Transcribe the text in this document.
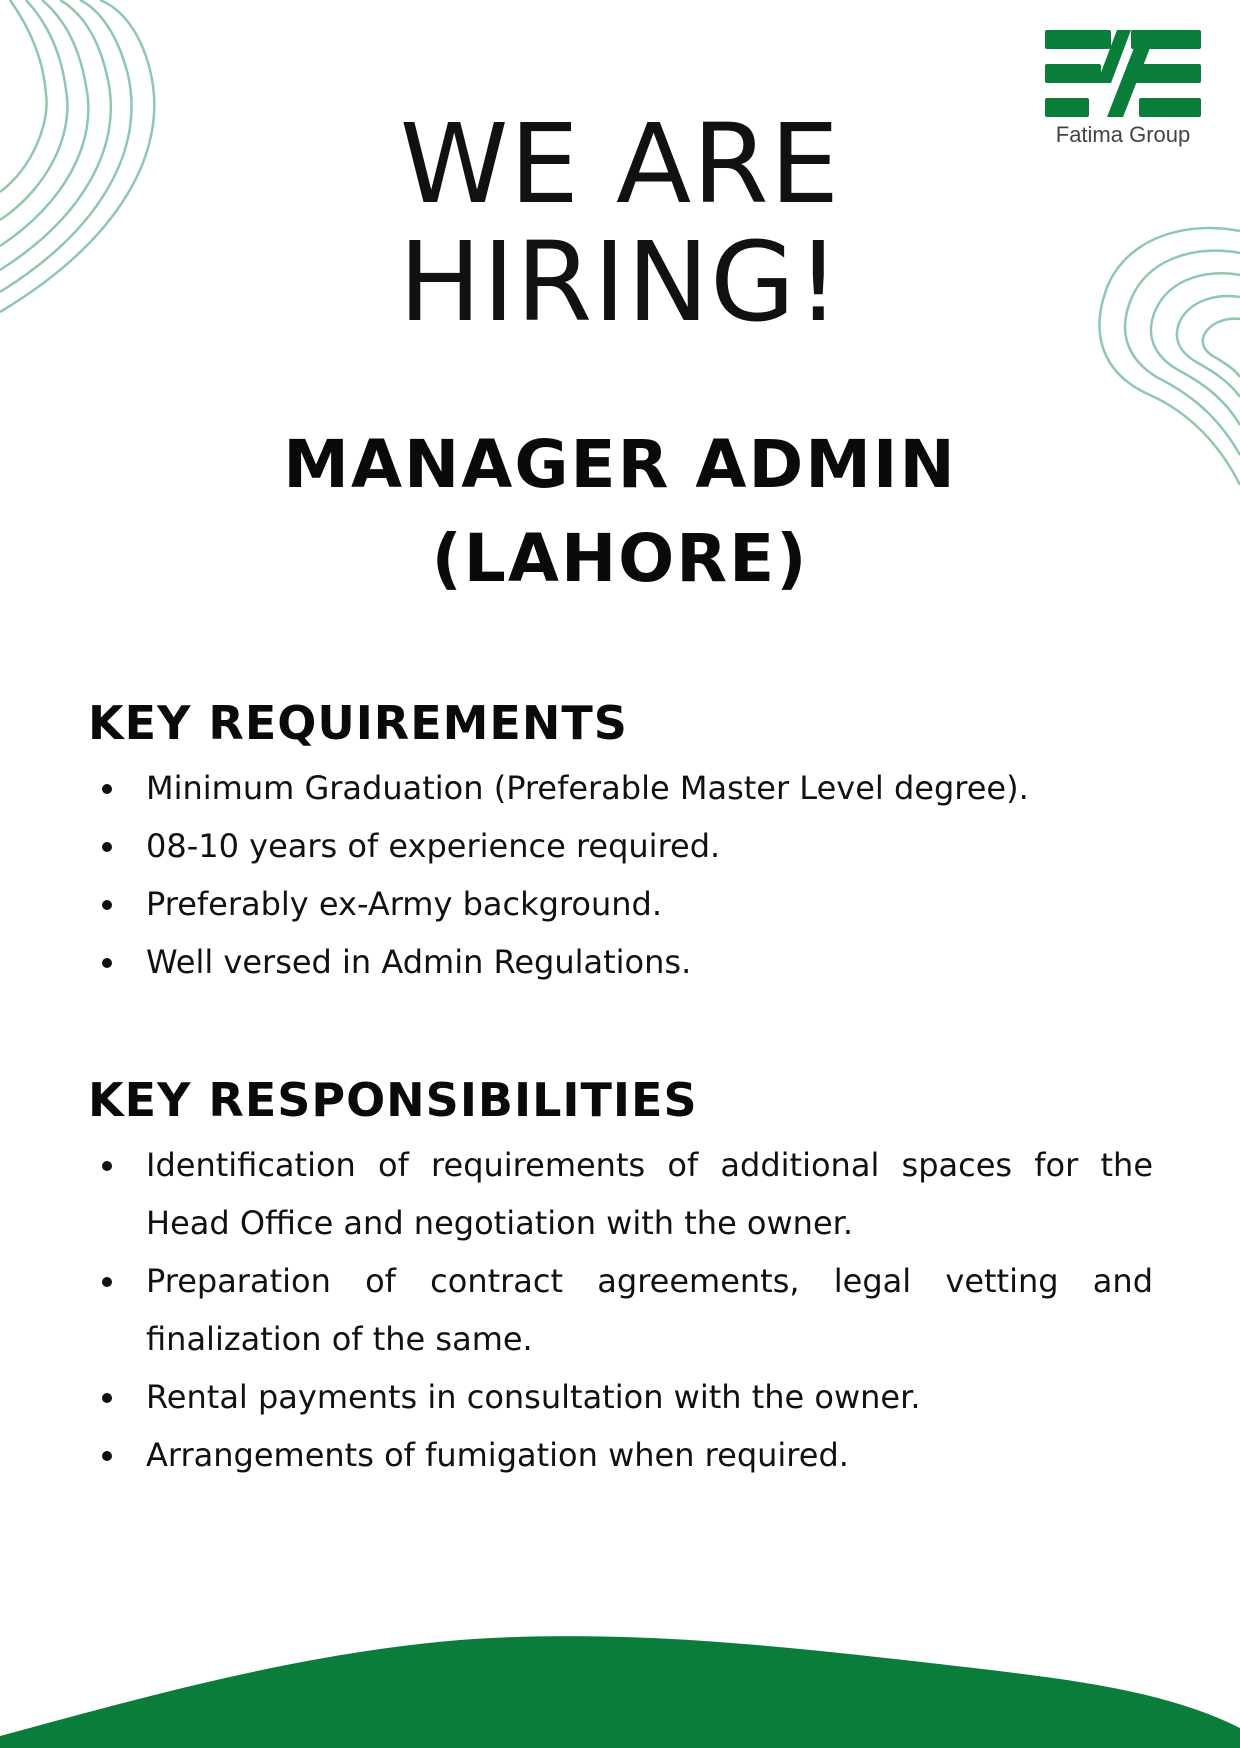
Fatima Group
WE ARE
HIRING!
MANAGER ADMIN
(LAHORE)
KEY REQUIREMENTS
Minimum Graduation (Preferable Master Level degree).
08-10 years of experience required.
Preferably ex-Army background.
Well versed in Admin Regulations.
KEY RESPONSIBILITIES
Identification of requirements of additional spaces for the Head Office and negotiation with the owner.
Preparation of contract agreements, legal vetting and finalization of the same.
Rental payments in consultation with the owner.
Arrangements of fumigation when required.
